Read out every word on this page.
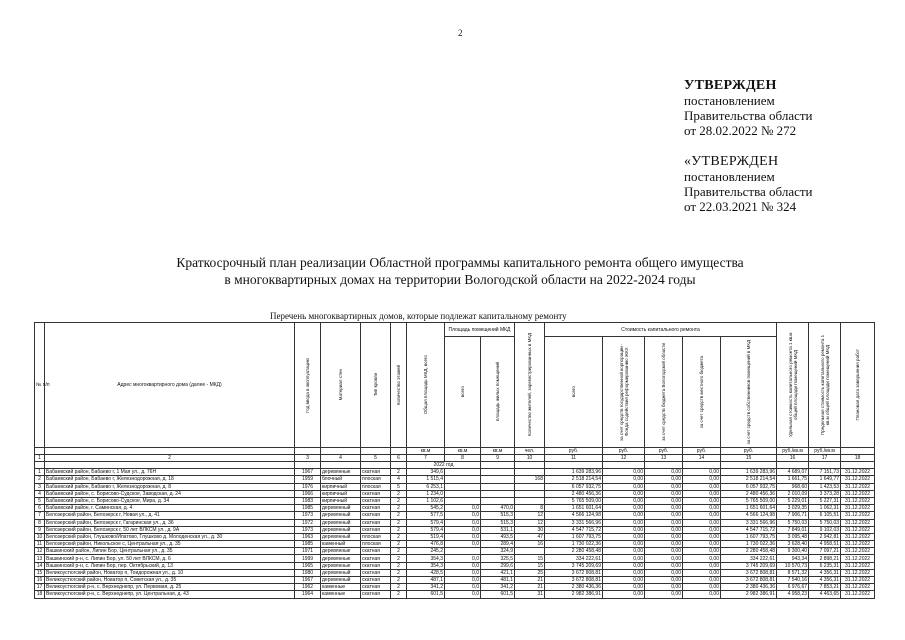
2
УТВЕРЖДЕН
постановлением
Правительства области
от 28.02.2022 № 272
«УТВЕРЖДЕН
постановлением
Правительства области
от 22.03.2021 № 324
Краткосрочный план реализации Областной программы капитального ремонта общего имущества
в многоквартирных домах на территории Вологодской области на 2022-2024 годы
Перечень многоквартирных домов, которые подлежат капитальному ремонту
№ п/п	Адрес многоквартирного дома (далее - МКД)	Год ввода в эксплуатацию	Материал стен	Тип кровли	Количество этажей	Общая площадь МКД, всего	Площадь помещений МКД		Количество жителей, зарегистрированных в МКД	Стоимость капитального ремонта					Удельная стоимость капитального ремонта 1 кв.м общей площади помещений МКД	Предельная стоимость капитального ремонта 1 кв.м общей площади помещений МКД	Плановая дата завершения работ

							всего	площадь жилых помещений		всего	за счет средств государственной корпорации - Фонда содействия реформированию ЖКХ	за счет средств бюджета Вологодской области	за счет средств местного бюджета	за счет средств собственников помещений в МКД			

						кв.м	кв.м	кв.м	чел.	руб.	руб.	руб.	руб.	руб.	руб./кв.м	руб./кв.м	
1	2	3	4	5	6	7	8	9	10	11	12	13	14	15	16	17	18
						2022 год											
1	Бабаевский район, Бабаево г, 1 Мая ул., д. 76Н	1967	деревянные	скатная	2	349,6				1 639 283,96	0,00	0,00	0,00	1 639 283,96	4 689,07	7 151,73	31.12.2022
2	Бабаевский район, Бабаево г, Железнодорожная, д. 18	1959	блочный	плоская	4	1 515,4			168	2 518 214,54	0,00	0,00	0,00	2 518 214,54	1 661,75	1 649,77	31.12.2022
3	Бабаевский район, Бабаево г, Железнодорожная, д. 8	1976	кирпичный	плоская	5	6 253,1				6 057 932,75	0,00	0,00	0,00	6 057 932,75	968,60	1 423,53	31.12.2022
4	Бабаевский район, с. Борисово-Судское, Заводская, д. 24	1966	кирпичный	скатная	2	1 234,0				2 480 456,36	0,00	0,00	0,00	2 480 456,36	2 010,09	3 373,28	31.12.2022
5	Бабаевский район, с. Борисово-Судское, Мира, д. 34	1983	кирпичный	скатная	2	1 102,6				5 765 509,00	0,00	0,00	0,00	5 765 509,00	5 229,01	5 227,31	31.12.2022
6	Бабаевский район, г. Саминская, д. 4	1985	деревянный	скатная	2	545,2	0,0	470,0	8	1 651 601,64	0,00	0,00	0,00	1 651 601,64	3 029,35	1 062,31	31.12.2022
7	Белозерский район, Белозерск г, Новая ул., д. 41	1973	деревянный	скатная	2	577,5	0,0	515,3	12	4 566 124,98	0,00	0,00	0,00	4 566 124,98	7 906,71	6 105,51	31.12.2022
8	Белозерский район, Белозерск г, Гагаринская ул., д. 36	1972	деревянный	скатная	2	579,4	0,0	515,3	12	3 331 566,96	0,00	0,00	0,00	3 331 566,96	5 750,03	5 750,03	31.12.2022
9	Белозерский район, Белозерск г, 50 лет ВЛКСМ ул., д. 9А	1973	деревянный	скатная	2	579,4	0,0	531,1	30	4 547 715,72	0,00	0,00	0,00	4 547 715,72	7 849,01	9 102,03	31.12.2022
10	Белозерский район, Глушково/Ипатово, Глушково д. Молоденская ул., д. 30	1963	деревянный	плоская	2	519,4	0,0	493,5	47	1 607 793,75	0,00	0,00	0,00	1 607 793,75	3 095,48	2 942,81	31.12.2022
11	Белозерский район, Никольское с, Центральная ул., д. 35	1985	каменный	плоская	2	476,8	0,0	289,4	16	1 730 022,36	0,00	0,00	0,00	1 730 022,36	3 628,40	4 958,51	31.12.2022
12	Вашкинский район, Липин Бор, Центральная ул., д. 35	1971	деревянные	скатная	2	245,2		324,9		2 280 458,48	0,00	0,00	0,00	2 280 458,48	9 300,40	7 097,21	31.12.2022
13	Вашкинский р-н, с. Липин Бор, ул. 50 лет ВЛКСМ, д. 6	1999	деревянные	скатная	2	354,3	0,0	325,5	15	334 222,61	0,00	0,00	0,00	334 222,61	943,34	2 898,21	31.12.2022
14	Вашкинский р-н, с. Липин Бор, пер. Октябрьский, д. 13	1965	деревянные	скатная	2	354,3	0,0	299,6	15	3 745 209,69	0,00	0,00	0,00	3 745 209,69	10 570,73	6 235,31	31.12.2022
15	Великоустюгский район, Новатор п, Тоидорожная ул., д. 10	1980	деревянный	скатная	2	428,5	0,0	421,1	25	3 672 808,81	0,00	0,00	0,00	3 672 808,81	8 571,32	4 356,31	31.12.2022
16	Великоустюгский район, Новатор п, Советская ул., д. 35	1967	деревянный	скатная	2	487,1	0,0	481,1	21	3 672 808,81	0,00	0,00	0,00	3 672 808,81	7 540,16	4 356,31	31.12.2022
17	Великоустюгский р-н, с. Верхнеднепр, ул. Первомая, д. 25	1962	каменные	скатная	2	341,2	0,0	341,2	21	2 380 436,36	0,00	0,00	0,00	2 380 436,36	6 976,67	7 853,21	31.12.2022
18	Великоустюгский р-н, с. Верхнеднепр, ул. Центральная, д. 43	1964	каменные	скатная	2	601,5	0,0	601,5	31	2 982 386,91	0,00	0,00	0,00	2 982 386,91	4 958,23	4 463,65	31.12.2022
